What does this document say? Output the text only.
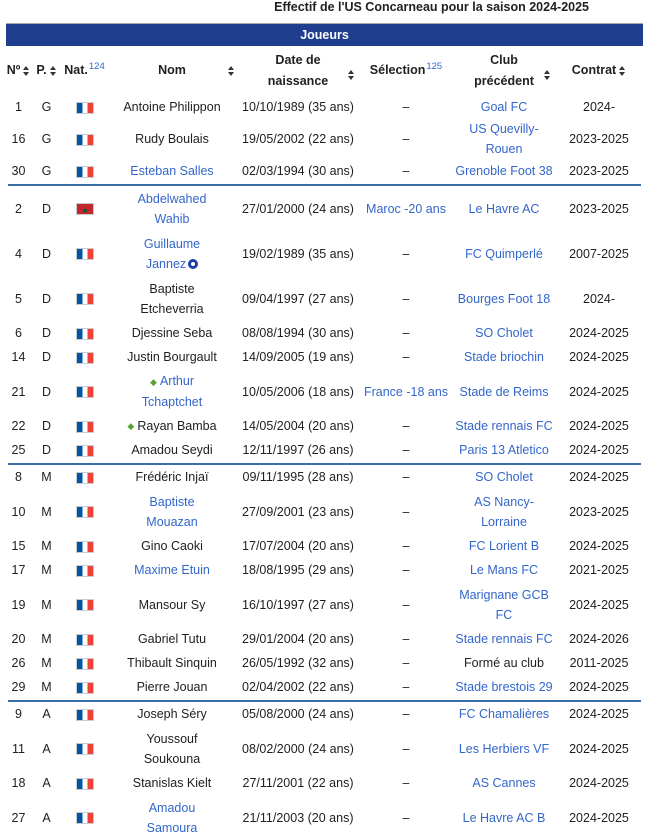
Effectif de l'US Concarneau pour la saison 2024-2025
Joueurs							

Nº	P.	Nat. 124	Nom	Date de naissance	Sélection 125	Club précédent	Contrat

1	G		Antoine Philippon	10/10/1989 (35 ans)	–	Goal FC	2024-
16	G		Rudy Boulais	19/05/2002 (22 ans)	–	US Quevilly-Rouen	2023-2025
30	G		Esteban Salles	02/03/1994 (30 ans)	–	Grenoble Foot 38	2023-2025

2	D	★	Abdelwahed Wahib	27/01/2000 (24 ans)	Maroc -20 ans	Le Havre AC	2023-2025
4	D		Guillaume Jannez	19/02/1989 (35 ans)	–	FC Quimperlé	2007-2025
5	D		Baptiste Etcheverria	09/04/1997 (27 ans)	–	Bourges Foot 18	2024-
6	D		Djessine Seba	08/08/1994 (30 ans)	–	SO Cholet	2024-2025
14	D		Justin Bourgault	14/09/2005 (19 ans)	–	Stade briochin	2024-2025
21	D		◆ Arthur Tchaptchet	10/05/2006 (18 ans)	France -18 ans	Stade de Reims	2024-2025
22	D		◆ Rayan Bamba	14/05/2004 (20 ans)	–	Stade rennais FC	2024-2025
25	D		Amadou Seydi	12/11/1997 (26 ans)	–	Paris 13 Atletico	2024-2025

8	M		Frédéric Injaï	09/11/1995 (28 ans)	–	SO Cholet	2024-2025
10	M		Baptiste Mouazan	27/09/2001 (23 ans)	–	AS Nancy-Lorraine	2023-2025
15	M		Gino Caoki	17/07/2004 (20 ans)	–	FC Lorient B	2024-2025
17	M		Maxime Etuin	18/08/1995 (29 ans)	–	Le Mans FC	2021-2025
19	M		Mansour Sy	16/10/1997 (27 ans)	–	Marignane GCB FC	2024-2025
20	M		Gabriel Tutu	29/01/2004 (20 ans)	–	Stade rennais FC	2024-2026
26	M		Thibault Sinquin	26/05/1992 (32 ans)	–	Formé au club	2011-2025
29	M		Pierre Jouan	02/04/2002 (22 ans)	–	Stade brestois 29	2024-2025

9	A		Joseph Séry	05/08/2000 (24 ans)	–	FC Chamalières	2024-2025
11	A		Youssouf Soukouna	08/02/2000 (24 ans)	–	Les Herbiers VF	2024-2025
18	A		Stanislas Kielt	27/11/2001 (22 ans)	–	AS Cannes	2024-2025
27	A		Amadou Samoura	21/11/2003 (20 ans)	–	Le Havre AC B	2024-2025
